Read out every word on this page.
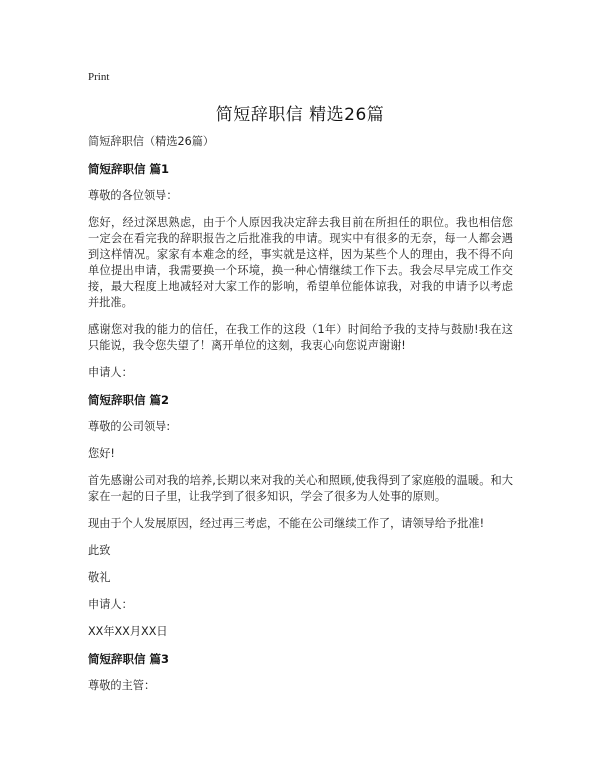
Print
简短辞职信 精选26篇

简短辞职信（精选26篇）

简短辞职信 篇1

尊敬的各位领导：

您好，经过深思熟虑，由于个人原因我决定辞去我目前在所担任的职位。我也相信您一定会在看完我的辞职报告之后批准我的申请。现实中有很多的无奈，每一人都会遇到这样情况。家家有本难念的经，事实就是这样，因为某些个人的理由，我不得不向单位提出申请，我需要换一个环境，换一种心情继续工作下去。我会尽早完成工作交接，最大程度上地减轻对大家工作的影响，希望单位能体谅我，对我的申请予以考虑并批准。

感谢您对我的能力的信任，在我工作的这段（1年）时间给予我的支持与鼓励!我在这只能说，我令您失望了！离开单位的这刻，我衷心向您说声谢谢!

申请人：

简短辞职信 篇2

尊敬的公司领导:

您好!

首先感谢公司对我的培养,长期以来对我的关心和照顾,使我得到了家庭般的温暖。和大家在一起的日子里，让我学到了很多知识，学会了很多为人处事的原则。

现由于个人发展原因，经过再三考虑，不能在公司继续工作了，请领导给予批准!

此致

敬礼

申请人：

XX年XX月XX日

简短辞职信 篇3

尊敬的主管：
